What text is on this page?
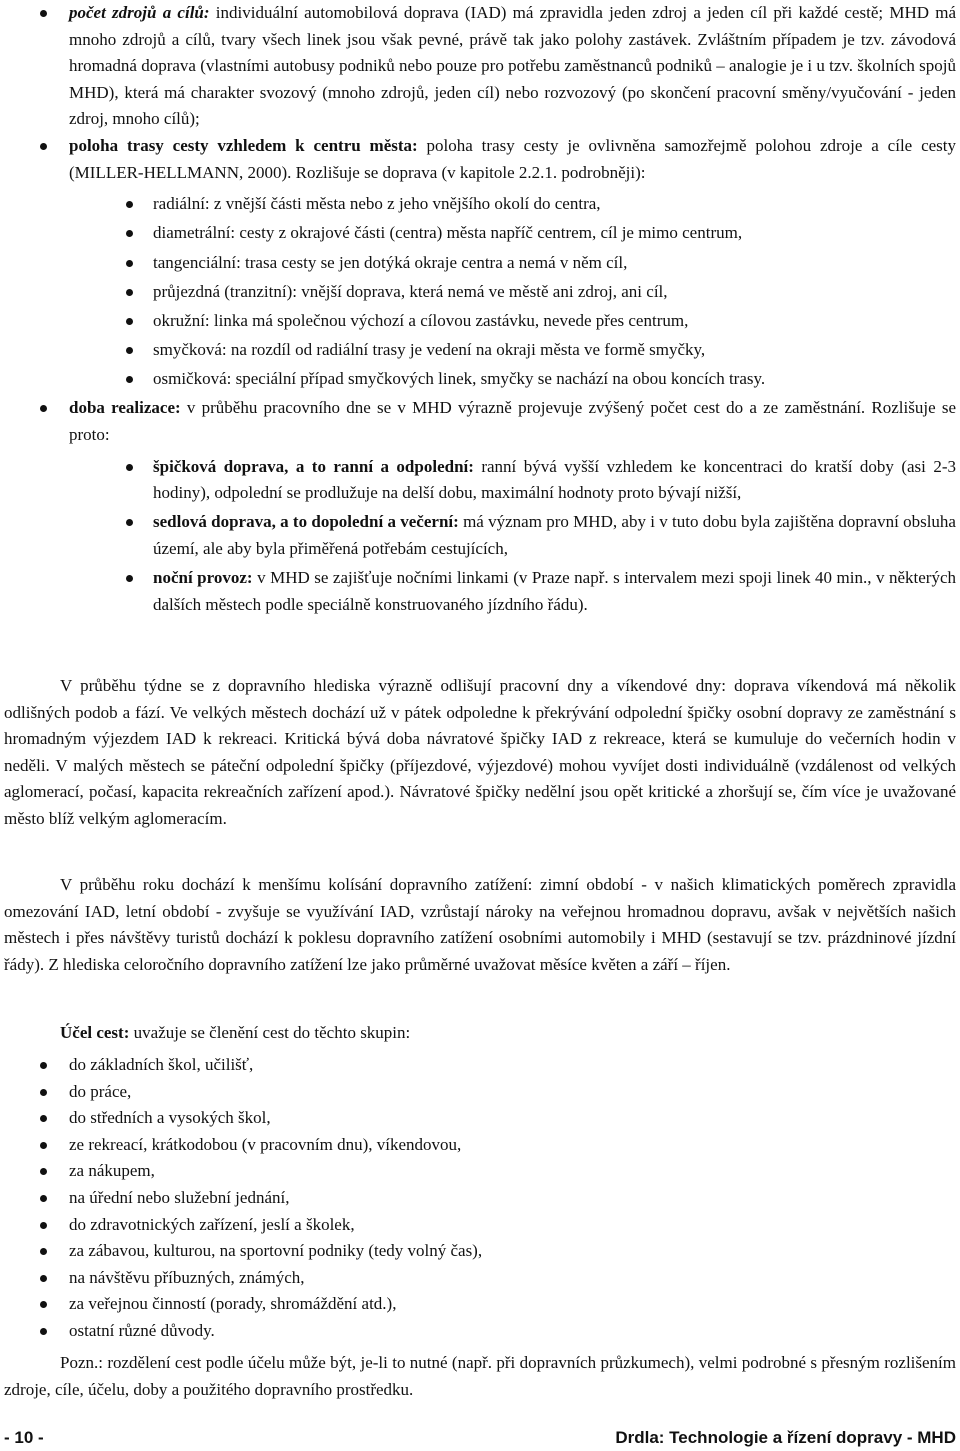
počet zdrojů a cílů: individuální automobilová doprava (IAD) má zpravidla jeden zdroj a jeden cíl při každé cestě; MHD má mnoho zdrojů a cílů, tvary všech linek jsou však pevné, právě tak jako polohy zastávek. Zvláštním případem je tzv. závodová hromadná doprava (vlastními autobusy podniků nebo pouze pro potřebu zaměstnanců podniků – analogie je i u tzv. školních spojů MHD), která má charakter svozový (mnoho zdrojů, jeden cíl) nebo rozvozový (po skončení pracovní směny/vyučování - jeden zdroj, mnoho cílů);
poloha trasy cesty vzhledem k centru města: poloha trasy cesty je ovlivněna samozřejmě polohou zdroje a cíle cesty (MILLER-HELLMANN, 2000). Rozlišuje se doprava (v kapitole 2.2.1. podrobněji):
radiální: z vnější části města nebo z jeho vnějšího okolí do centra,
diametrální: cesty z okrajové části (centra) města napříč centrem, cíl je mimo centrum,
tangenciální: trasa cesty se jen dotýká okraje centra a nemá v něm cíl,
průjezdná (tranzitní): vnější doprava, která nemá ve městě ani zdroj, ani cíl,
okružní: linka má společnou výchozí a cílovou zastávku, nevede přes centrum,
smyčková: na rozdíl od radiální trasy je vedení na okraji města ve formě smyčky,
osmičková: speciální případ smyčkových linek, smyčky se nachází na obou koncích trasy.
doba realizace: v průběhu pracovního dne se v MHD výrazně projevuje zvýšený počet cest do a ze zaměstnání. Rozlišuje se proto:
špičková doprava, a to ranní a odpolední: ranní bývá vyšší vzhledem ke koncentraci do kratší doby (asi 2-3 hodiny), odpolední se prodlužuje na delší dobu, maximální hodnoty proto bývají nižší,
sedlová doprava, a to dopolední a večerní: má význam pro MHD, aby i v tuto dobu byla zajištěna dopravní obsluha území, ale aby byla přiměřená potřebám cestujících,
noční provoz: v MHD se zajišťuje nočními linkami (v Praze např. s intervalem mezi spoji linek 40 min., v některých dalších městech podle speciálně konstruovaného jízdního řádu).
V průběhu týdne se z dopravního hlediska výrazně odlišují pracovní dny a víkendové dny: doprava víkendová má několik odlišných podob a fází. Ve velkých městech dochází už v pátek odpoledne k překrývání odpolední špičky osobní dopravy ze zaměstnání s hromadným výjezdem IAD k rekreaci. Kritická bývá doba návratové špičky IAD z rekreace, která se kumuluje do večerních hodin v neděli. V malých městech se páteční odpolední špičky (příjezdové, výjezdové) mohou vyvíjet dosti individuálně (vzdálenost od velkých aglomerací, počasí, kapacita rekreačních zařízení apod.). Návratové špičky nedělní jsou opět kritické a zhoršují se, čím více je uvažované město blíž velkým aglomeracím.
V průběhu roku dochází k menšímu kolísání dopravního zatížení: zimní období - v našich klimatických poměrech zpravidla omezování IAD, letní období - zvyšuje se využívání IAD, vzrůstají nároky na veřejnou hromadnou dopravu, avšak v největších našich městech i přes návštěvy turistů dochází k poklesu dopravního zatížení osobními automobily i MHD (sestavují se tzv. prázdninové jízdní řády). Z hlediska celoročního dopravního zatížení lze jako průměrné uvažovat měsíce květen a září – říjen.
Účel cest: uvažuje se členění cest do těchto skupin:
do základních škol, učilišť,
do práce,
do středních a vysokých škol,
ze rekreací, krátkodobou (v pracovním dnu), víkendovou,
za nákupem,
na úřední nebo služební jednání,
do zdravotnických zařízení, jeslí a školek,
za zábavou, kulturou, na sportovní podniky (tedy volný čas),
na návštěvu příbuzných, známých,
za veřejnou činností (porady, shromáždění atd.),
ostatní různé důvody.
Pozn.: rozdělení cest podle účelu může být, je-li to nutné (např. při dopravních průzkumech), velmi podrobné s přesným rozlišením zdroje, cíle, účelu, doby a použitého dopravního prostředku.
- 10 -	Drdla: Technologie a řízení dopravy - MHD
